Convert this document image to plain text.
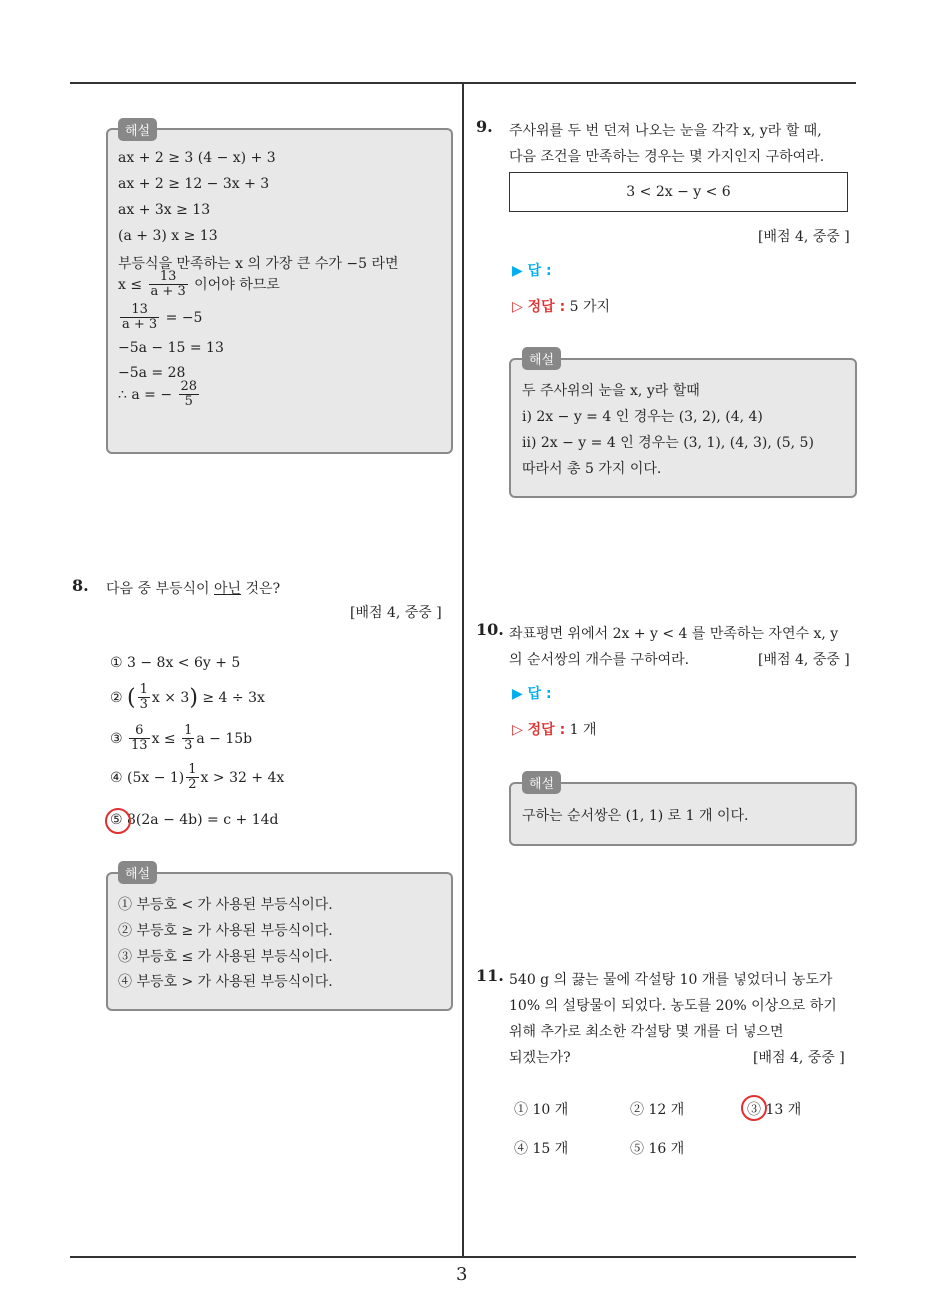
해설
ax + 2 ≥ 3 (4 − x) + 3
ax + 2 ≥ 12 − 3x + 3
ax + 3x ≥ 13
(a + 3) x ≥ 13
부등식을 만족하는 x 의 가장 큰 수가 −5 라면
$x \le \frac{13}{a + 3}$ 이어야 하므로
$\frac{13}{a + 3} = -5$
−5a − 15 = 13
−5a = 28
∴ a = − $\frac{28}{5}$
8. 다음 중 부등식이 아닌 것은?
[배점 4, 중중 ]
① 3 − 8x < 6y + 5
② ( $\frac{1}{3}$ x × 3) ≥ 4 ÷ 3x
③ $\frac{6}{13}$ $x \le \frac{1}{3}$ a − 15b
④ $(5x - 1) \frac{1}{2}$ x > 32 + 4x
⑤ 8(2a − 4b) = c + 14d
해설
① 부등호 < 가 사용된 부등식이다.
② 부등호 ≥ 가 사용된 부등식이다.
③ 부등호 ≤ 가 사용된 부등식이다.
④ 부등호 > 가 사용된 부등식이다.
9. 주사위를 두 번 던져 나오는 눈을 각각 x, y라 할 때,
다음 조건을 만족하는 경우는 몇 가지인지 구하여라.
3 < 2x − y < 6
[배점 4, 중중 ]
▶ 답 :
▷ 정답 : 5 가지
해설
두 주사위의 눈을 x, y라 할때
i) 2x − y = 4 인 경우는 (3, 2), (4, 4)
ii) 2x − y = 4 인 경우는 (3, 1), (4, 3), (5, 5)
따라서 총 5 가지 이다.
10. 좌표평면 위에서 2x + y < 4 를 만족하는 자연수 x, y
의 순서쌍의 개수를 구하여라.	[배점 4, 중중 ]
▶ 답 :
▷ 정답 : 1 개
해설
구하는 순서쌍은 (1, 1) 로 1 개 이다.
11. 540 g 의 끓는 물에 각설탕 10 개를 넣었더니 농도가
10% 의 설탕물이 되었다. 농도를 20% 이상으로 하기
위해 추가로 최소한 각설탕 몇 개를 더 넣으면
되겠는가?	[배점 4, 중중 ]
① 10 개	② 12 개	③ 13 개
④ 15 개	⑤ 16 개
3
